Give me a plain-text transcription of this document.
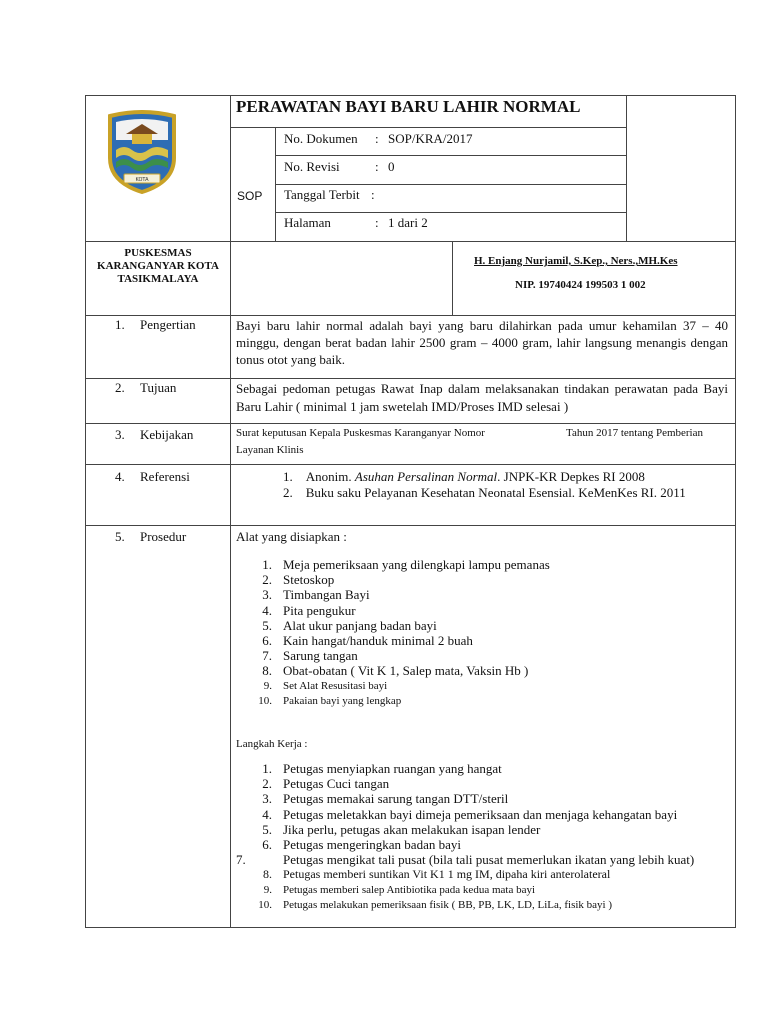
KOTA
PERAWATAN BAYI BARU LAHIR NORMAL
SOP
No. Dokumen : SOP/KRA/2017
No. Revisi	: 0
Tanggal Terbit :
Halaman	: 1 dari 2
PUSKESMAS KARANGANYAR KOTA TASIKMALAYA
H. Enjang Nurjamil, S.Kep., Ners.,MH.Kes
NIP. 19740424 199503 1 002
1. Pengertian	Bayi baru lahir normal adalah bayi yang baru dilahirkan pada umur kehamilan 37 – 40 minggu, dengan berat badan lahir 2500 gram – 4000 gram, lahir langsung menangis dengan tonus otot yang baik.
2. Tujuan	Sebagai pedoman petugas Rawat Inap dalam melaksanakan tindakan perawatan pada Bayi Baru Lahir ( minimal 1 jam swetelah IMD/Proses IMD selesai )
3. Kebijakan	Surat keputusan Kepala Puskesmas Karanganyar Nomor	Tahun 2017 tentang Pemberian
Layanan Klinis
4. Referensi	1. Anonim. Asuhan Persalinan Normal. JNPK-KR Depkes RI 2008
2. Buku saku Pelayanan Kesehatan Neonatal Esensial. KeMenKes RI. 2011
5. Prosedur	Alat yang disiapkan :
1. Meja pemeriksaan yang dilengkapi lampu pemanas
2. Stetoskop
3. Timbangan Bayi
4. Pita pengukur
5. Alat ukur panjang badan bayi
6. Kain hangat/handuk minimal 2 buah
7. Sarung tangan
8. Obat-obatan ( Vit K 1, Salep mata, Vaksin Hb )
9. Set Alat Resusitasi bayi
10. Pakaian bayi yang lengkap
Langkah Kerja :
1. Petugas menyiapkan ruangan yang hangat
2. Petugas Cuci tangan
3. Petugas memakai sarung tangan DTT/steril
4. Petugas meletakkan bayi dimeja pemeriksaan dan menjaga kehangatan bayi
5. Jika perlu, petugas akan melakukan isapan lender
6. Petugas mengeringkan badan bayi
7.	Petugas mengikat tali pusat (bila tali pusat memerlukan ikatan yang lebih kuat)
8. Petugas memberi suntikan Vit K1 1 mg IM, dipaha kiri anterolateral
9. Petugas memberi salep Antibiotika pada kedua mata bayi
10. Petugas melakukan pemeriksaan fisik ( BB, PB, LK, LD, LiLa, fisik bayi )
